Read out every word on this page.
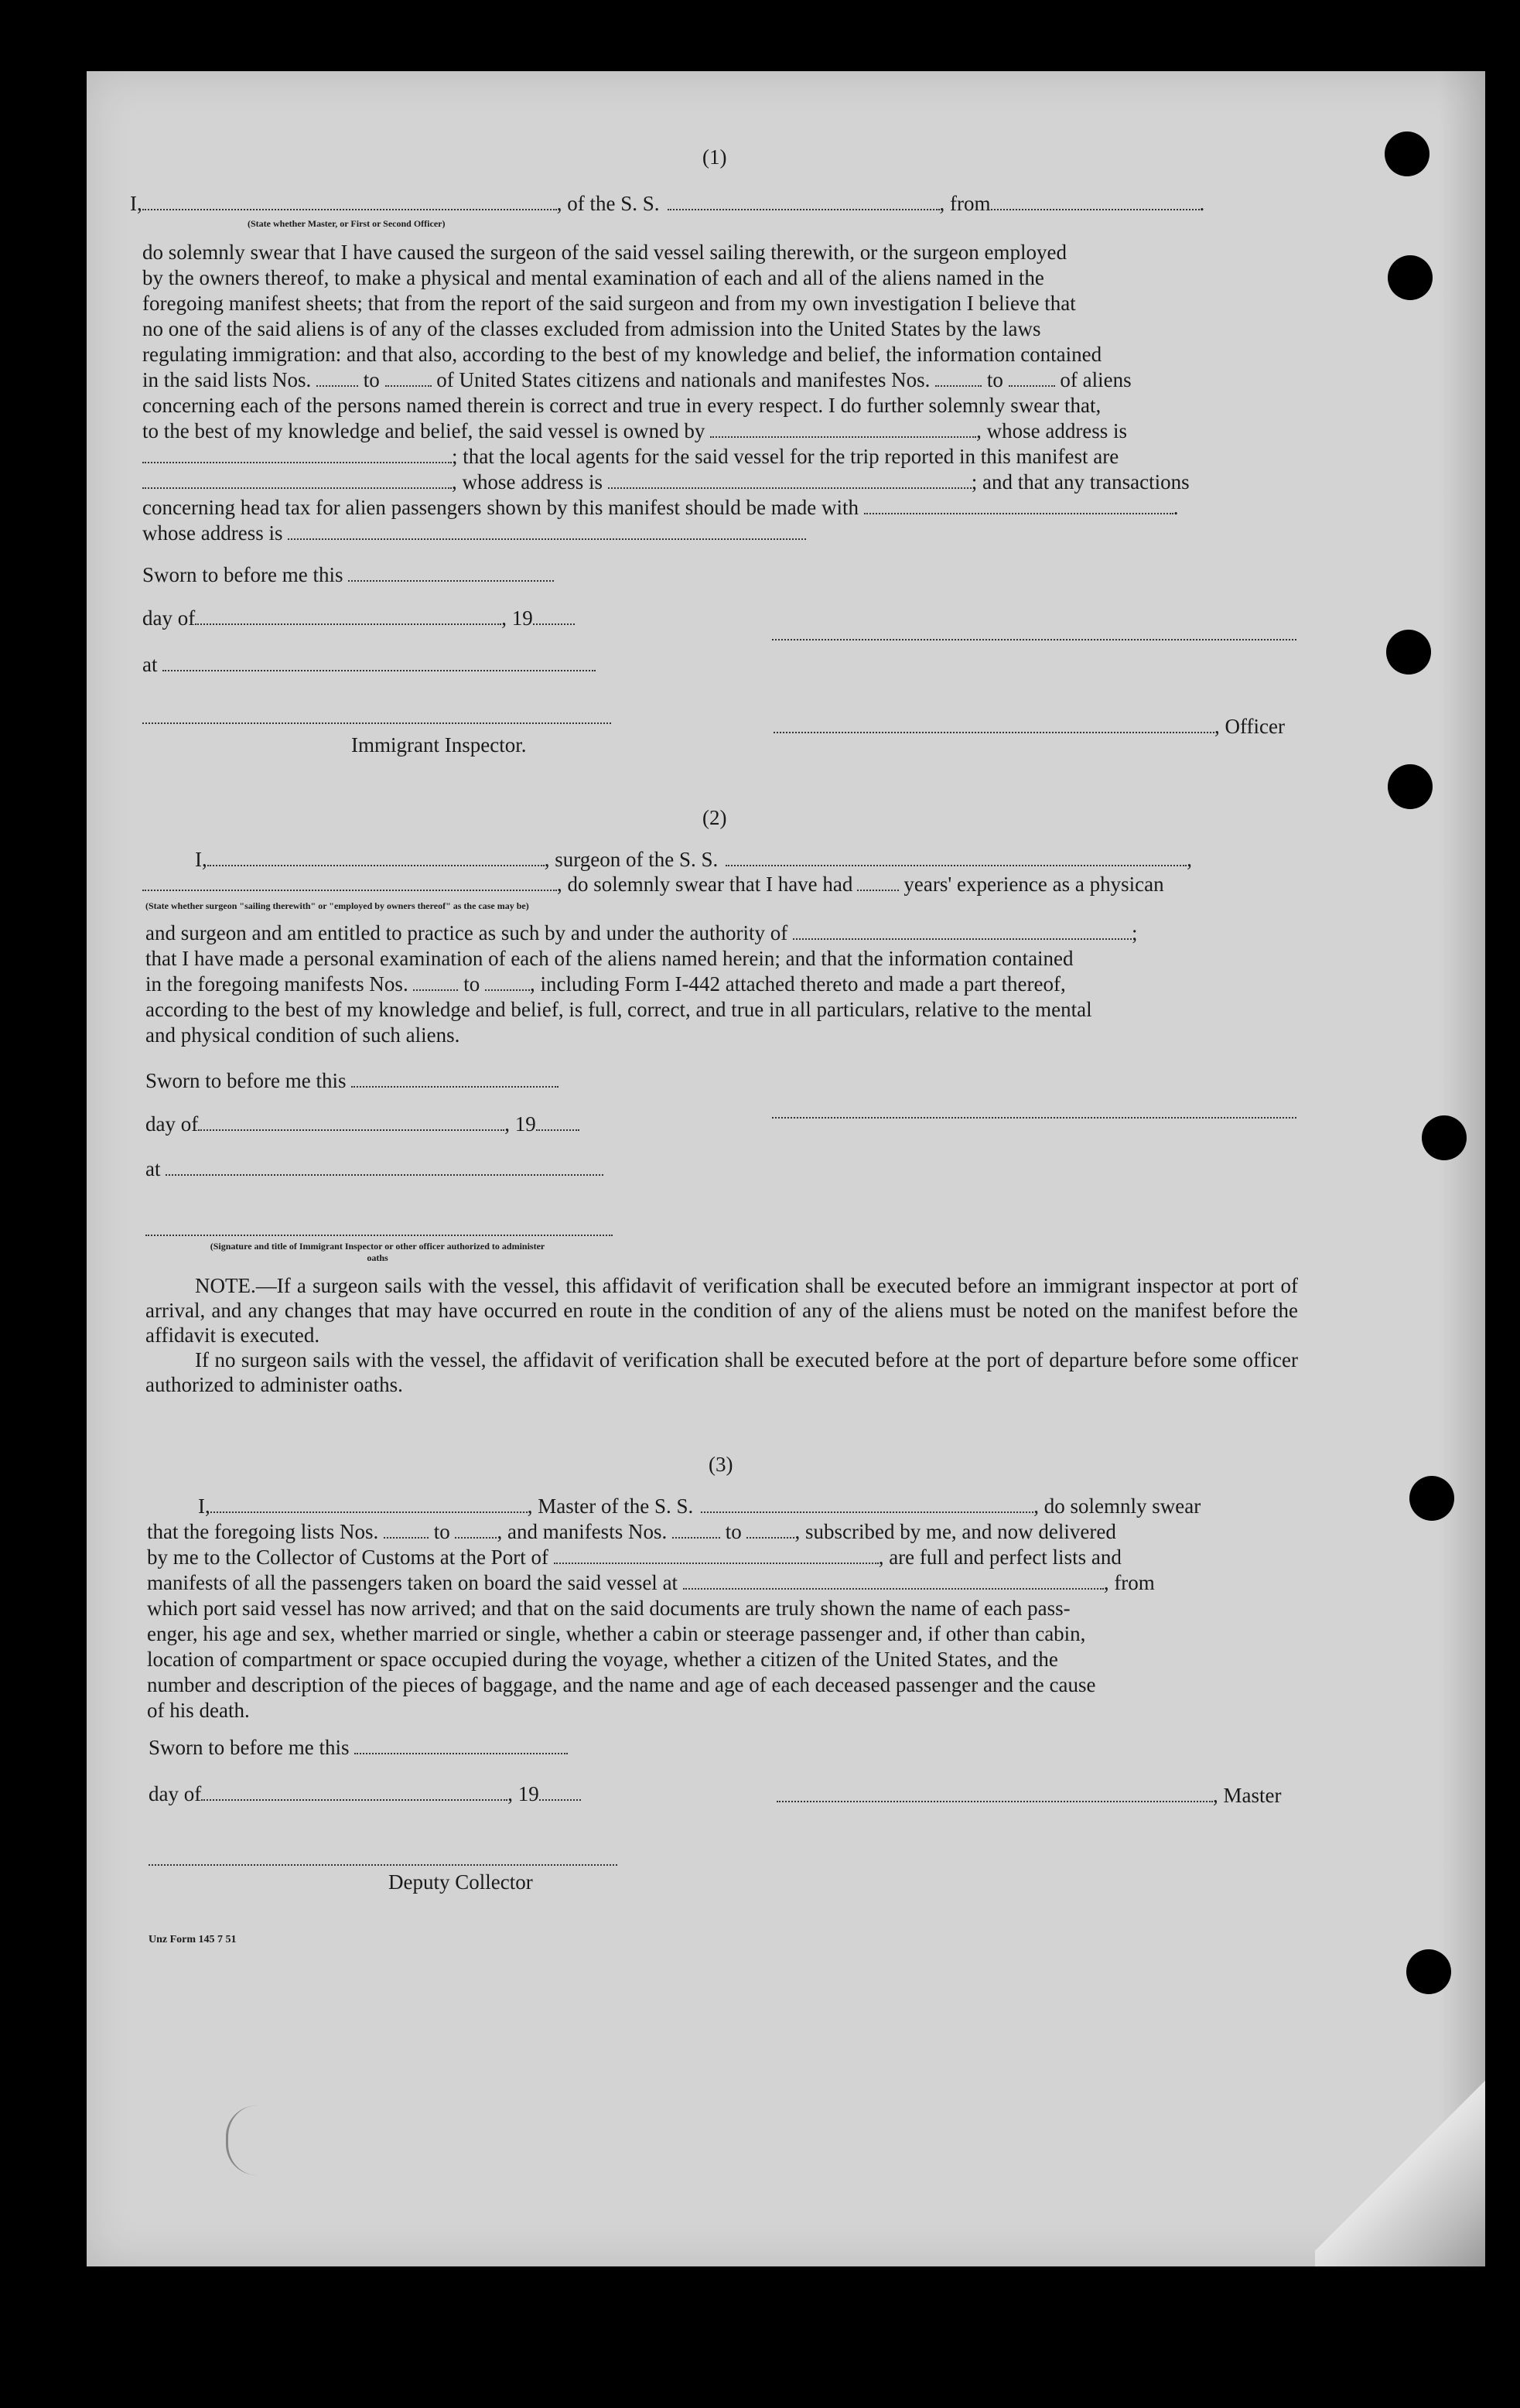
(1)
I,	, of the S. S.	, from	.
(State whether Master, or First or Second Officer)
do solemnly swear that I have caused the surgeon of the said vessel sailing therewith, or the surgeon employed
by the owners thereof, to make a physical and mental examination of each and all of the aliens named in the
foregoing manifest sheets; that from the report of the said surgeon and from my own investigation I believe that
no one of the said aliens is of any of the classes excluded from admission into the United States by the laws
regulating immigration: and that also, according to the best of my knowledge and belief, the information contained
in the said lists Nos.	to	of United States citizens and nationals and manifestes Nos.	to	of aliens
concerning each of the persons named therein is correct and true in every respect. I do further solemnly swear that,
to the best of my knowledge and belief, the said vessel is owned by	, whose address is
; that the local agents for the said vessel for the trip reported in this manifest are
, whose address is	; and that any transactions
concerning head tax for alien passengers shown by this manifest should be made with	.
whose address is
Sworn to before me this
day of	, 19
at
, Officer
Immigrant Inspector.
(2)
I,	, surgeon of the S. S.	,
, do solemnly swear that I have had years' experience as a physican
(State whether surgeon "sailing therewith" or "employed by owners thereof" as the case may be)
and surgeon and am entitled to practice as such by and under the authority of	;
that I have made a personal examination of each of the aliens named herein; and that the information contained
in the foregoing manifests Nos.	to , including Form I-442 attached thereto and made a part thereof,
according to the best of my knowledge and belief, is full, correct, and true in all particulars, relative to the mental
and physical condition of such aliens.
Sworn to before me this
day of	, 19
at
(Signature and title of Immigrant Inspector or other officer authorized to administer oaths
NOTE.—If a surgeon sails with the vessel, this affidavit of verification shall be executed before an immigrant inspector at port of arrival, and any changes that may have occurred en route in the condition of any of the aliens must be noted on the manifest before the affidavit is executed.
If no surgeon sails with the vessel, the affidavit of verification shall be executed before at the port of departure before some officer authorized to administer oaths.
(3)
I,	, Master of the S. S.	, do solemnly swear
that the foregoing lists Nos.	to , and manifests Nos.	to	, subscribed by me, and now delivered
by me to the Collector of Customs at the Port of	, are full and perfect lists and
manifests of all the passengers taken on board the said vessel at	, from
which port said vessel has now arrived; and that on the said documents are truly shown the name of each pass-
enger, his age and sex, whether married or single, whether a cabin or steerage passenger and, if other than cabin,
location of compartment or space occupied during the voyage, whether a citizen of the United States, and the
number and description of the pieces of baggage, and the name and age of each deceased passenger and the cause
of his death.
Sworn to before me this
day of	, 19	, Master
Deputy Collector
Unz Form 145 7 51
